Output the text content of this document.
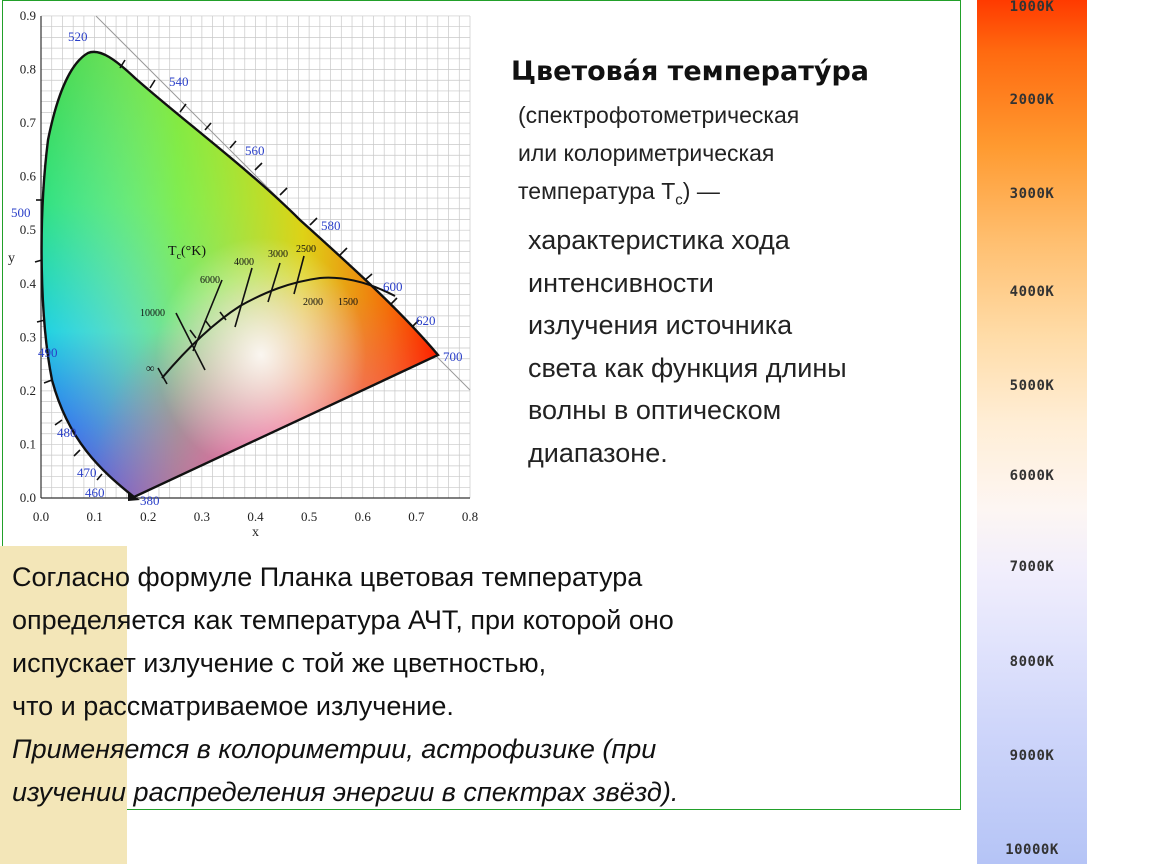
$T_c(^\circ K)$
10000
6000
4000
3000 2500
2000 1500
∞
520
540
560
580
600
620
700
500
490
480
470
460
380
0.0	0.1	0.2	0.3	0.4	0.5	0.6	0.7	0.8
0.0
0.1
0.2
0.3
0.4
0.5
0.6
0.7
0.8
0.9
x
y
Цветова́я температу́ра
(спектрофотометрическая
или колориметрическая
температура $T_c$) —
характеристика хода
интенсивности
излучения источника
света как функция длины
волны в оптическом
диапазоне.
Согласно формуле Планка цветовая температура
определяется как температура АЧТ, при которой оно
испускает излучение с той же цветностью,
что и рассматриваемое излучение.
Применяется в колориметрии, астрофизике (при
изучении распределения энергии в спектрах звёзд).
1000K
2000K
3000K
4000K
5000K
6000K
7000K
8000K
9000K
10000K
